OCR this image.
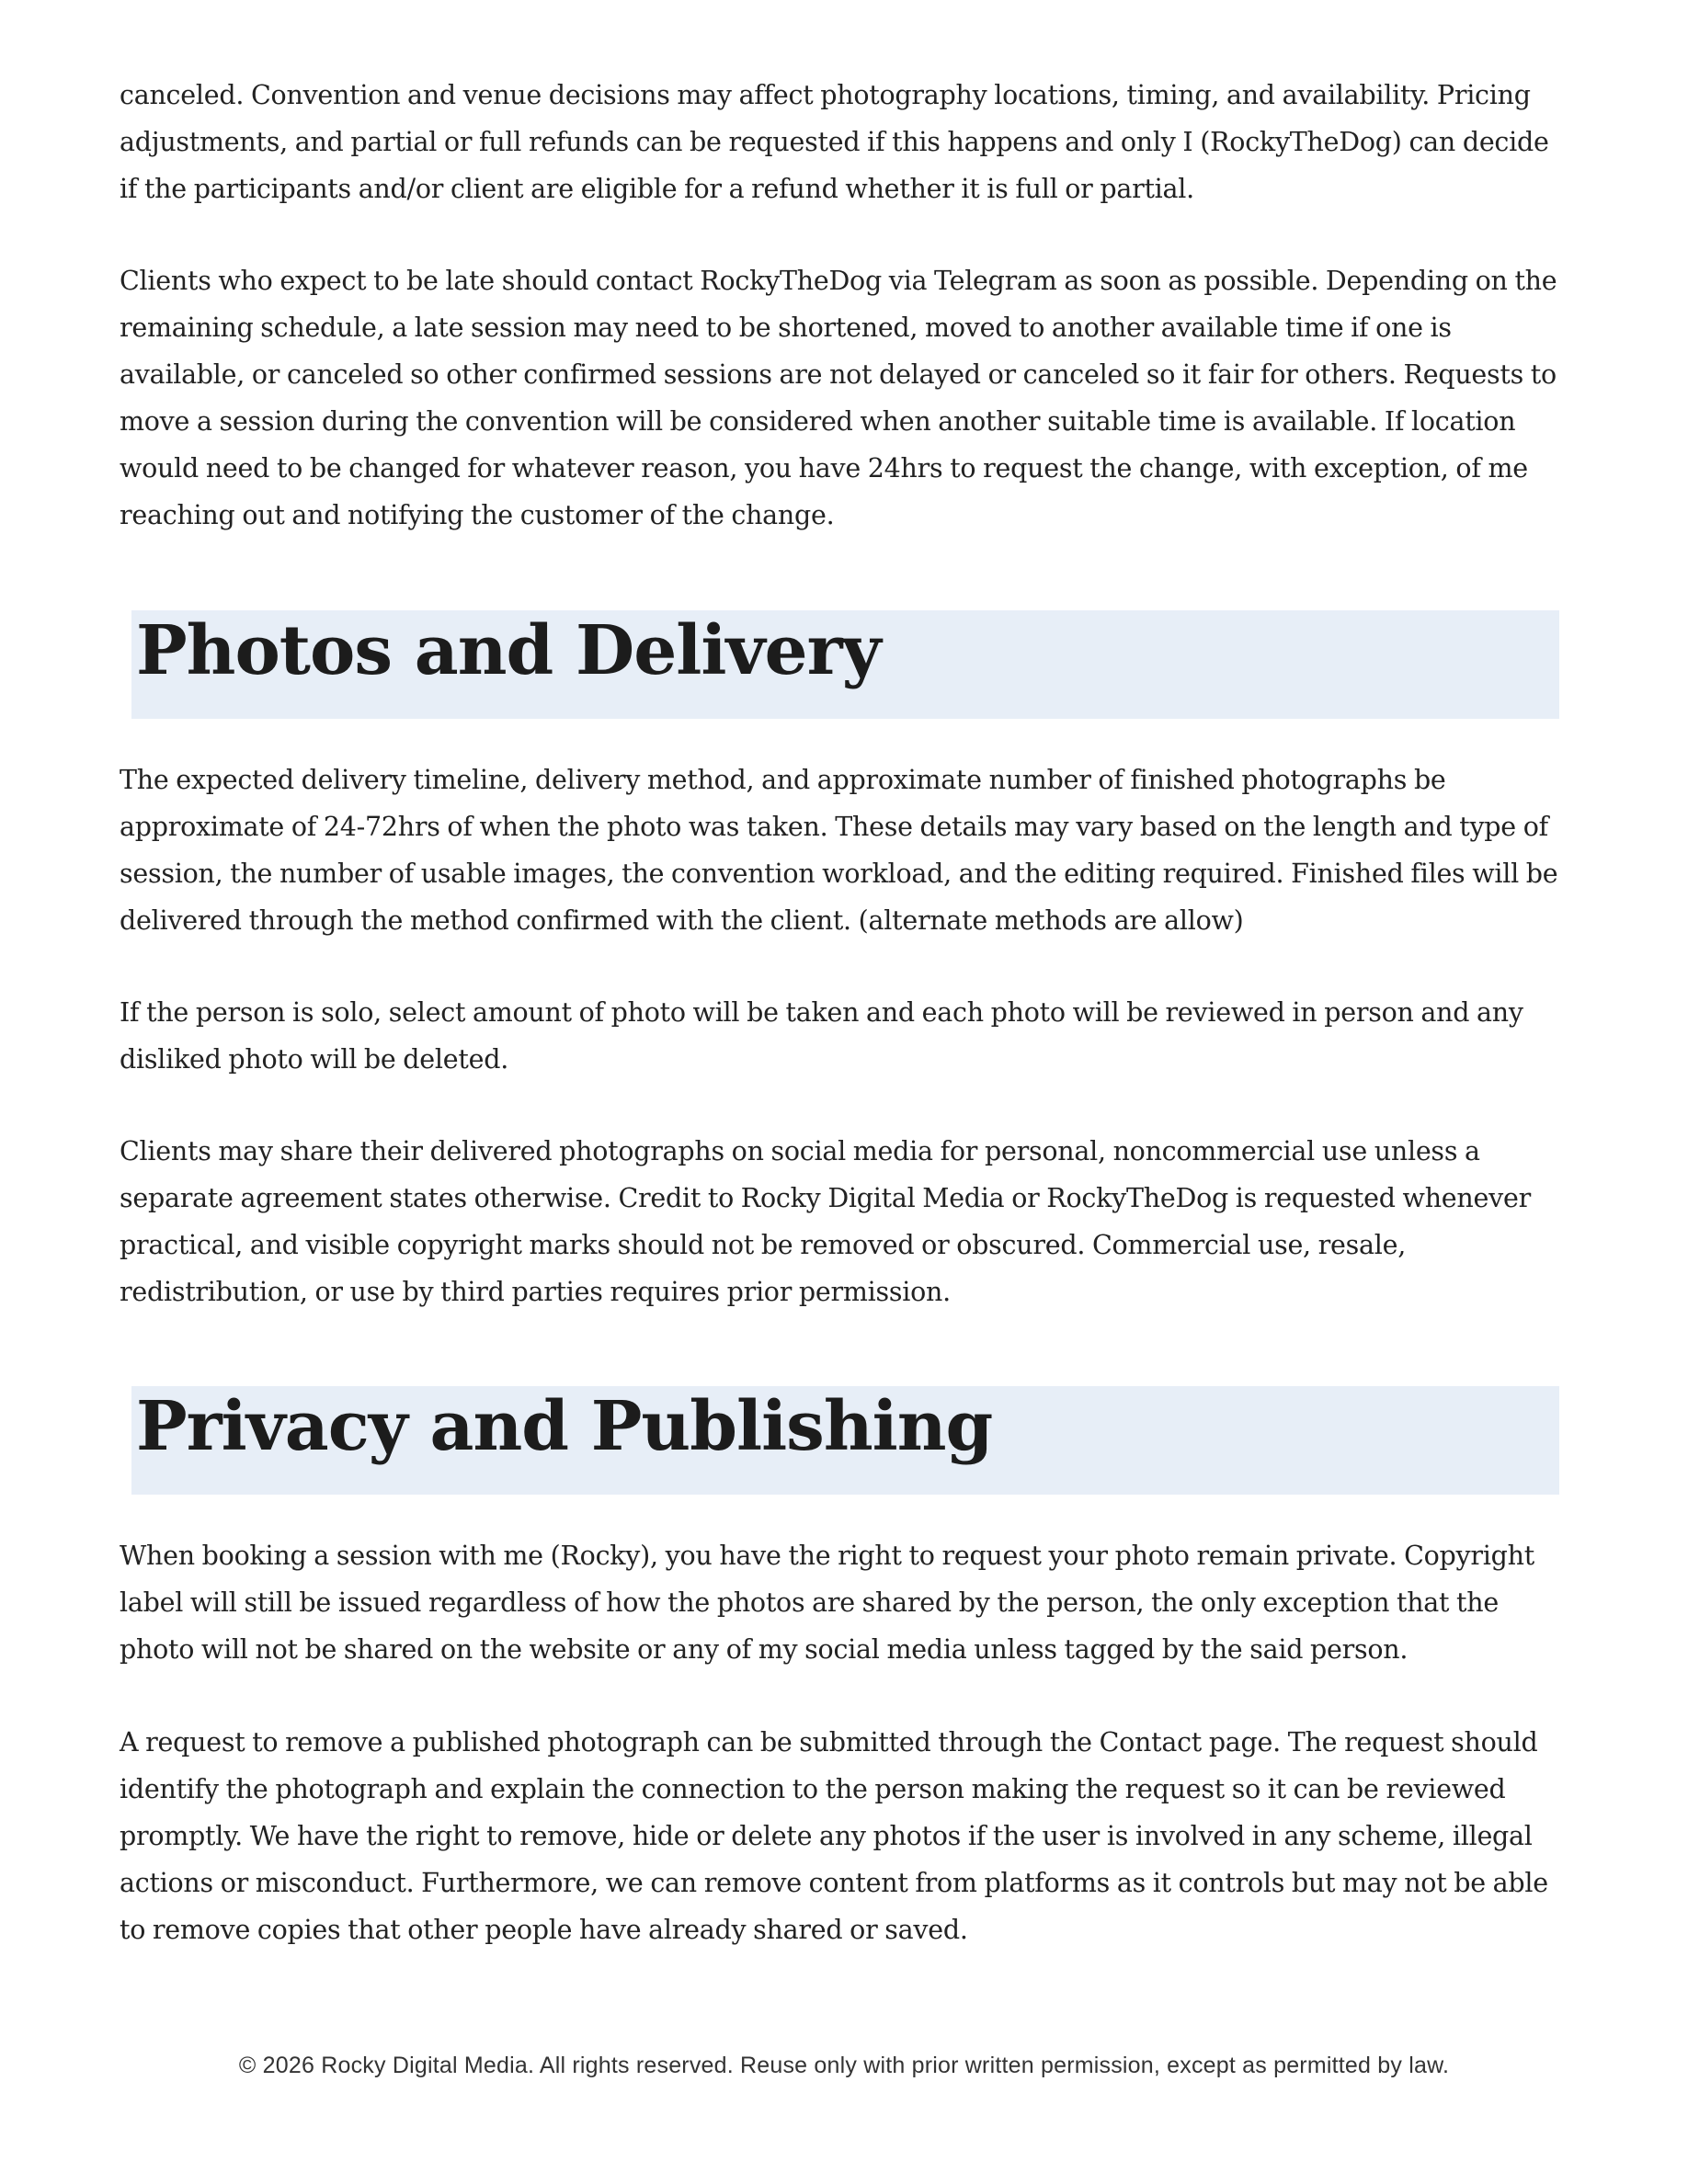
canceled. Convention and venue decisions may affect photography locations, timing, and availability. Pricing adjustments, and partial or full refunds can be requested if this happens and only I (RockyTheDog) can decide if the participants and/or client are eligible for a refund whether it is full or partial.

Clients who expect to be late should contact RockyTheDog via Telegram as soon as possible. Depending on the remaining schedule, a late session may need to be shortened, moved to another available time if one is available, or canceled so other confirmed sessions are not delayed or canceled so it fair for others. Requests to move a session during the convention will be considered when another suitable time is available. If location would need to be changed for whatever reason, you have 24hrs to request the change, with exception, of me reaching out and notifying the customer of the change.

Photos and Delivery

The expected delivery timeline, delivery method, and approximate number of finished photographs be approximate of 24-72hrs of when the photo was taken. These details may vary based on the length and type of session, the number of usable images, the convention workload, and the editing required. Finished files will be delivered through the method confirmed with the client. (alternate methods are allow)

If the person is solo, select amount of photo will be taken and each photo will be reviewed in person and any disliked photo will be deleted.

Clients may share their delivered photographs on social media for personal, noncommercial use unless a separate agreement states otherwise. Credit to Rocky Digital Media or RockyTheDog is requested whenever practical, and visible copyright marks should not be removed or obscured. Commercial use, resale, redistribution, or use by third parties requires prior permission.

Privacy and Publishing

When booking a session with me (Rocky), you have the right to request your photo remain private. Copyright label will still be issued regardless of how the photos are shared by the person, the only exception that the photo will not be shared on the website or any of my social media unless tagged by the said person.

A request to remove a published photograph can be submitted through the Contact page. The request should identify the photograph and explain the connection to the person making the request so it can be reviewed promptly. We have the right to remove, hide or delete any photos if the user is involved in any scheme, illegal actions or misconduct. Furthermore, we can remove content from platforms as it controls but may not be able to remove copies that other people have already shared or saved.

© 2026 Rocky Digital Media. All rights reserved. Reuse only with prior written permission, except as permitted by law.
